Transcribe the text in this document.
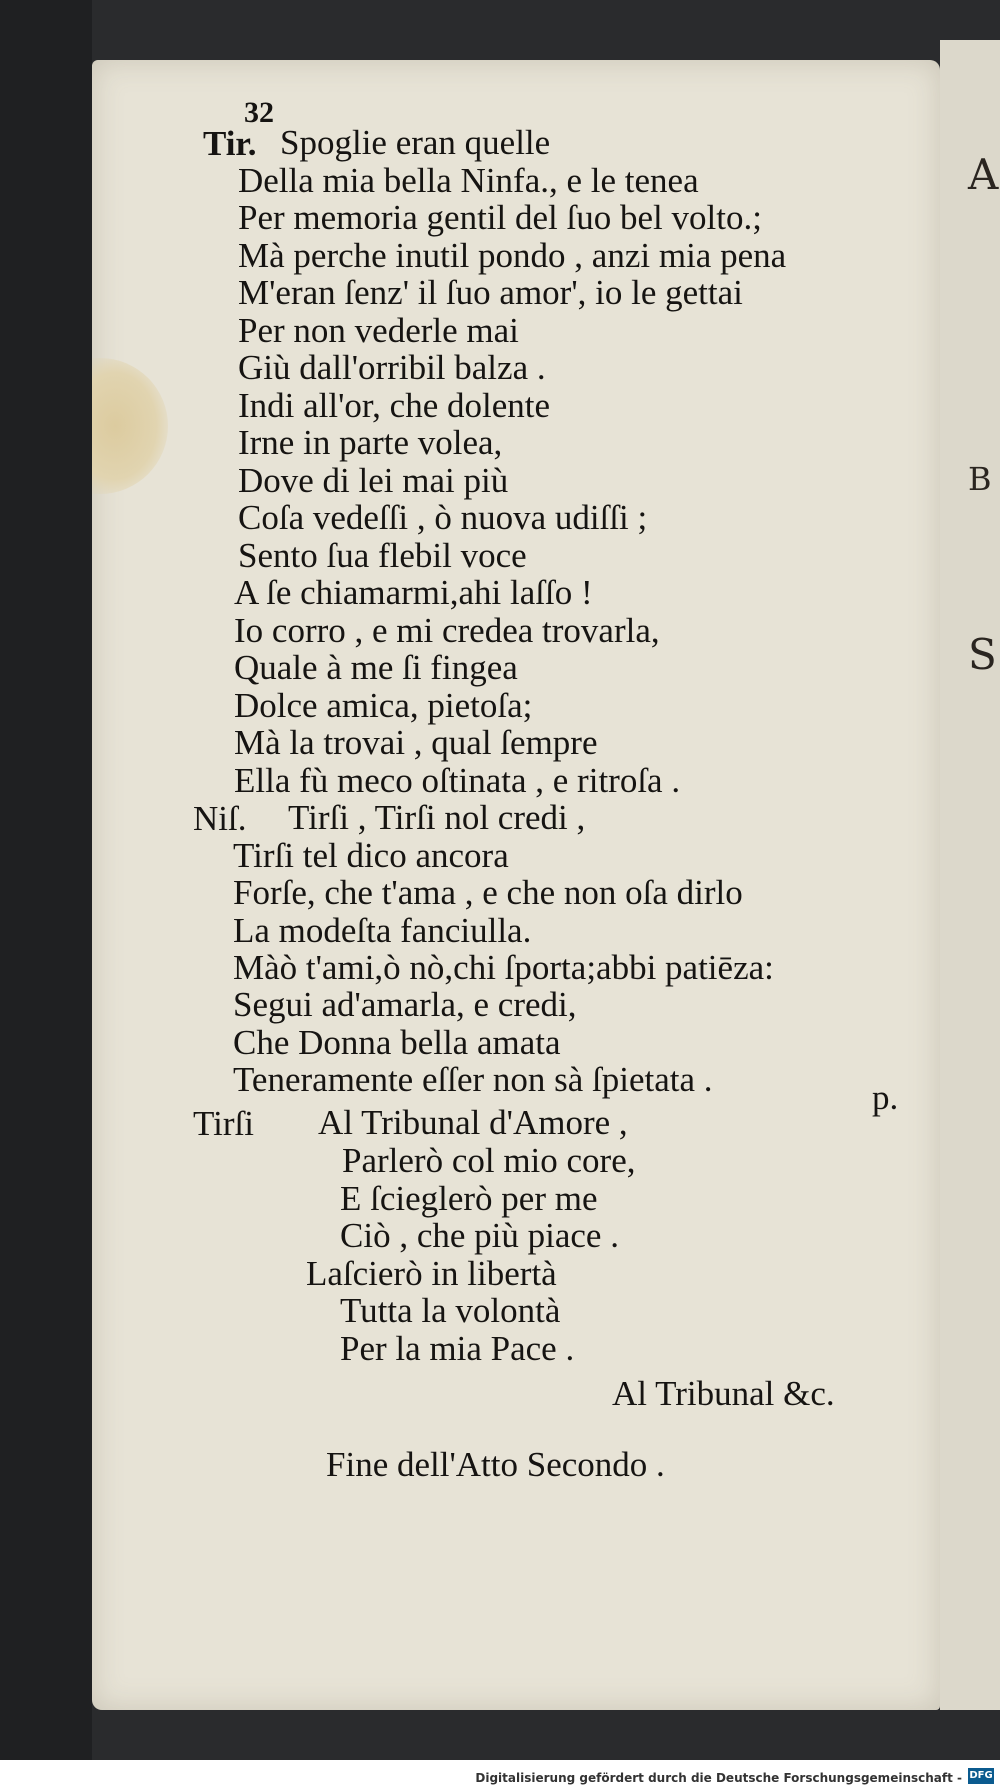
A
B
S
32
Tir. Spoglie eran quelle
Della mia bella Ninfa., e le tenea
Per memoria gentil del ſuo bel volto.;
Mà perche inutil pondo , anzi mia pena
M'eran ſenz' il ſuo amor', io le gettai
Per non vederle mai
Giù dall'orribil balza .
Indi all'or, che dolente
Irne in parte volea,
Dove di lei mai più
Coſa vedeſſi , ò nuova udiſſi ;
Sento ſua flebil voce
A ſe chiamarmi,ahi laſſo !
Io corro , e mi credea trovarla,
Quale à me ſi fingea
Dolce amica, pietoſa;
Mà la trovai , qual ſempre
Ella fù meco oſtinata , e ritroſa .
Niſ. Tirſi , Tirſi nol credi ,
Tirſi tel dico ancora
Forſe, che t'ama , e che non oſa dirlo
La modeſta fanciulla.
Màò t'ami,ò nò,chi ſporta;abbi patiēza:
Segui ad'amarla, e credi,
Che Donna bella amata
Teneramente eſſer non sà ſpietata .	p.
Tirſi Al Tribunal d'Amore ,
Parlerò col mio core,
E ſcieglerò per me
Ciò , che più piace .
Laſcierò in libertà
Tutta la volontà
Per la mia Pace .
Al Tribunal &c.
Fine dell'Atto Secondo .
Digitalisierung gefördert durch die Deutsche Forschungsgemeinschaft - DFG
